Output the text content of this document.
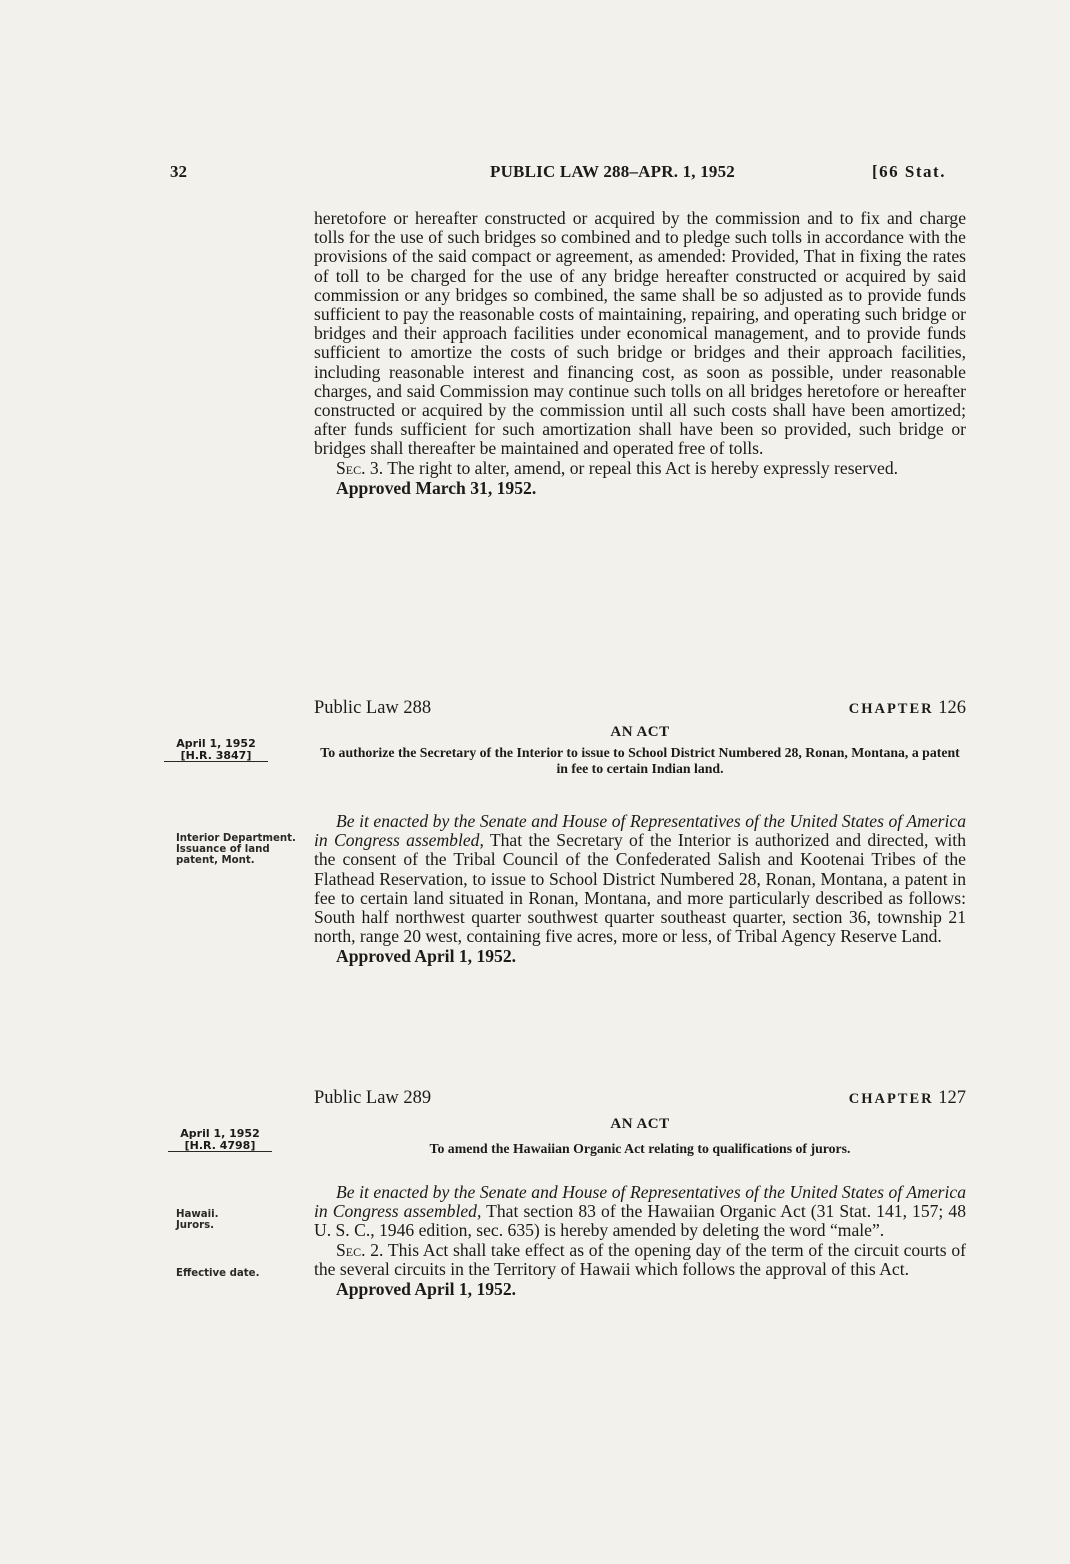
32	PUBLIC LAW 288–APR. 1, 1952	[66 Stat.

heretofore or hereafter constructed or acquired by the commission and to fix and charge tolls for the use of such bridges so combined and to pledge such tolls in accordance with the provisions of the said compact or agreement, as amended: Provided, That in fixing the rates of toll to be charged for the use of any bridge hereafter constructed or acquired by said commission or any bridges so combined, the same shall be so adjusted as to provide funds sufficient to pay the reasonable costs of maintaining, repairing, and operating such bridge or bridges and their approach facilities under economical management, and to provide funds sufficient to amortize the costs of such bridge or bridges and their approach facilities, including reasonable interest and financing cost, as soon as possible, under reasonable charges, and said Commission may continue such tolls on all bridges heretofore or hereafter constructed or acquired by the commission until all such costs shall have been amortized; after funds sufficient for such amortization shall have been so provided, such bridge or bridges shall thereafter be maintained and operated free of tolls.

Sec. 3. The right to alter, amend, or repeal this Act is hereby expressly reserved.

Approved March 31, 1952.

Public Law 288	CHAPTER 126
AN ACT
To authorize the Secretary of the Interior to issue to School District Numbered 28, Ronan, Montana, a patent in fee to certain Indian land.
April 1, 1952

[H.R. 3847]
Interior Department.
Issuance of land patent, Mont.

Be it enacted by the Senate and House of Representatives of the United States of America in Congress assembled, That the Secretary of the Interior is authorized and directed, with the consent of the Tribal Council of the Confederated Salish and Kootenai Tribes of the Flathead Reservation, to issue to School District Numbered 28, Ronan, Montana, a patent in fee to certain land situated in Ronan, Montana, and more particularly described as follows: South half northwest quarter southwest quarter southeast quarter, section 36, township 21 north, range 20 west, containing five acres, more or less, of Tribal Agency Reserve Land.

Approved April 1, 1952.

Public Law 289	CHAPTER 127
AN ACT
To amend the Hawaiian Organic Act relating to qualifications of jurors.
April 1, 1952

[H.R. 4798]
Hawaii.
Jurors.
Effective date.

Be it enacted by the Senate and House of Representatives of the United States of America in Congress assembled, That section 83 of the Hawaiian Organic Act (31 Stat. 141, 157; 48 U. S. C., 1946 edition, sec. 635) is hereby amended by deleting the word “male”.

Sec. 2. This Act shall take effect as of the opening day of the term of the circuit courts of the several circuits in the Territory of Hawaii which follows the approval of this Act.

Approved April 1, 1952.
